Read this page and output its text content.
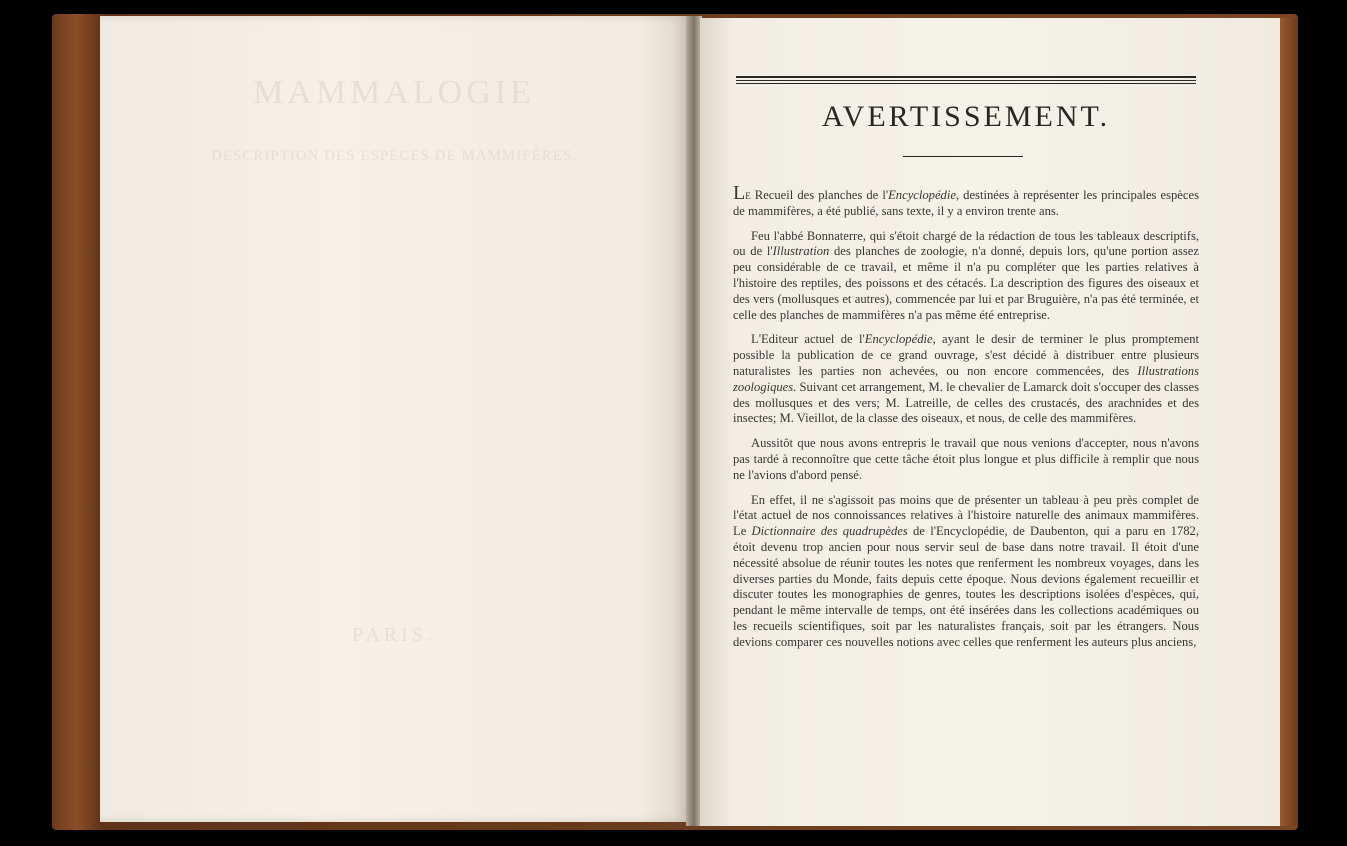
MAMMALOGIE
DESCRIPTION DES ESPÈCES DE MAMMIFÈRES.
PARIS.
AVERTISSEMENT.

Le Recueil des planches de l'Encyclopédie, destinées à représenter les principales espèces de mammifères, a été publié, sans texte, il y a environ trente ans.

Feu l'abbé Bonnaterre, qui s'étoit chargé de la rédaction de tous les tableaux descriptifs, ou de l'Illustration des planches de zoologie, n'a donné, depuis lors, qu'une portion assez peu considérable de ce travail, et même il n'a pu compléter que les parties relatives à l'histoire des reptiles, des poissons et des cétacés. La description des figures des oiseaux et des vers (mollusques et autres), commencée par lui et par Bruguière, n'a pas été terminée, et celle des planches de mammifères n'a pas même été entreprise.

L'Editeur actuel de l'Encyclopédie, ayant le desir de terminer le plus promptement possible la publication de ce grand ouvrage, s'est décidé à distribuer entre plusieurs naturalistes les parties non achevées, ou non encore commencées, des Illustrations zoologiques. Suivant cet arrangement, M. le chevalier de Lamarck doit s'occuper des classes des mollusques et des vers; M. Latreille, de celles des crustacés, des arachnides et des insectes; M. Vieillot, de la classe des oiseaux, et nous, de celle des mammifères.

Aussitôt que nous avons entrepris le travail que nous venions d'accepter, nous n'avons pas tardé à reconnoître que cette tâche étoit plus longue et plus difficile à remplir que nous ne l'avions d'abord pensé.

En effet, il ne s'agissoit pas moins que de présenter un tableau à peu près complet de l'état actuel de nos connoissances relatives à l'histoire naturelle des animaux mammifères. Le Dictionnaire des quadrupèdes de l'Encyclopédie, de Daubenton, qui a paru en 1782, étoit devenu trop ancien pour nous servir seul de base dans notre travail. Il étoit d'une nécessité absolue de réunir toutes les notes que renferment les nombreux voyages, dans les diverses parties du Monde, faits depuis cette époque. Nous devions également recueillir et discuter toutes les monographies de genres, toutes les descriptions isolées d'espèces, qui, pendant le même intervalle de temps, ont été insérées dans les collections académiques ou les recueils scientifiques, soit par les naturalistes français, soit par les étrangers. Nous devions comparer ces nouvelles notions avec celles que renferment les auteurs plus anciens,
